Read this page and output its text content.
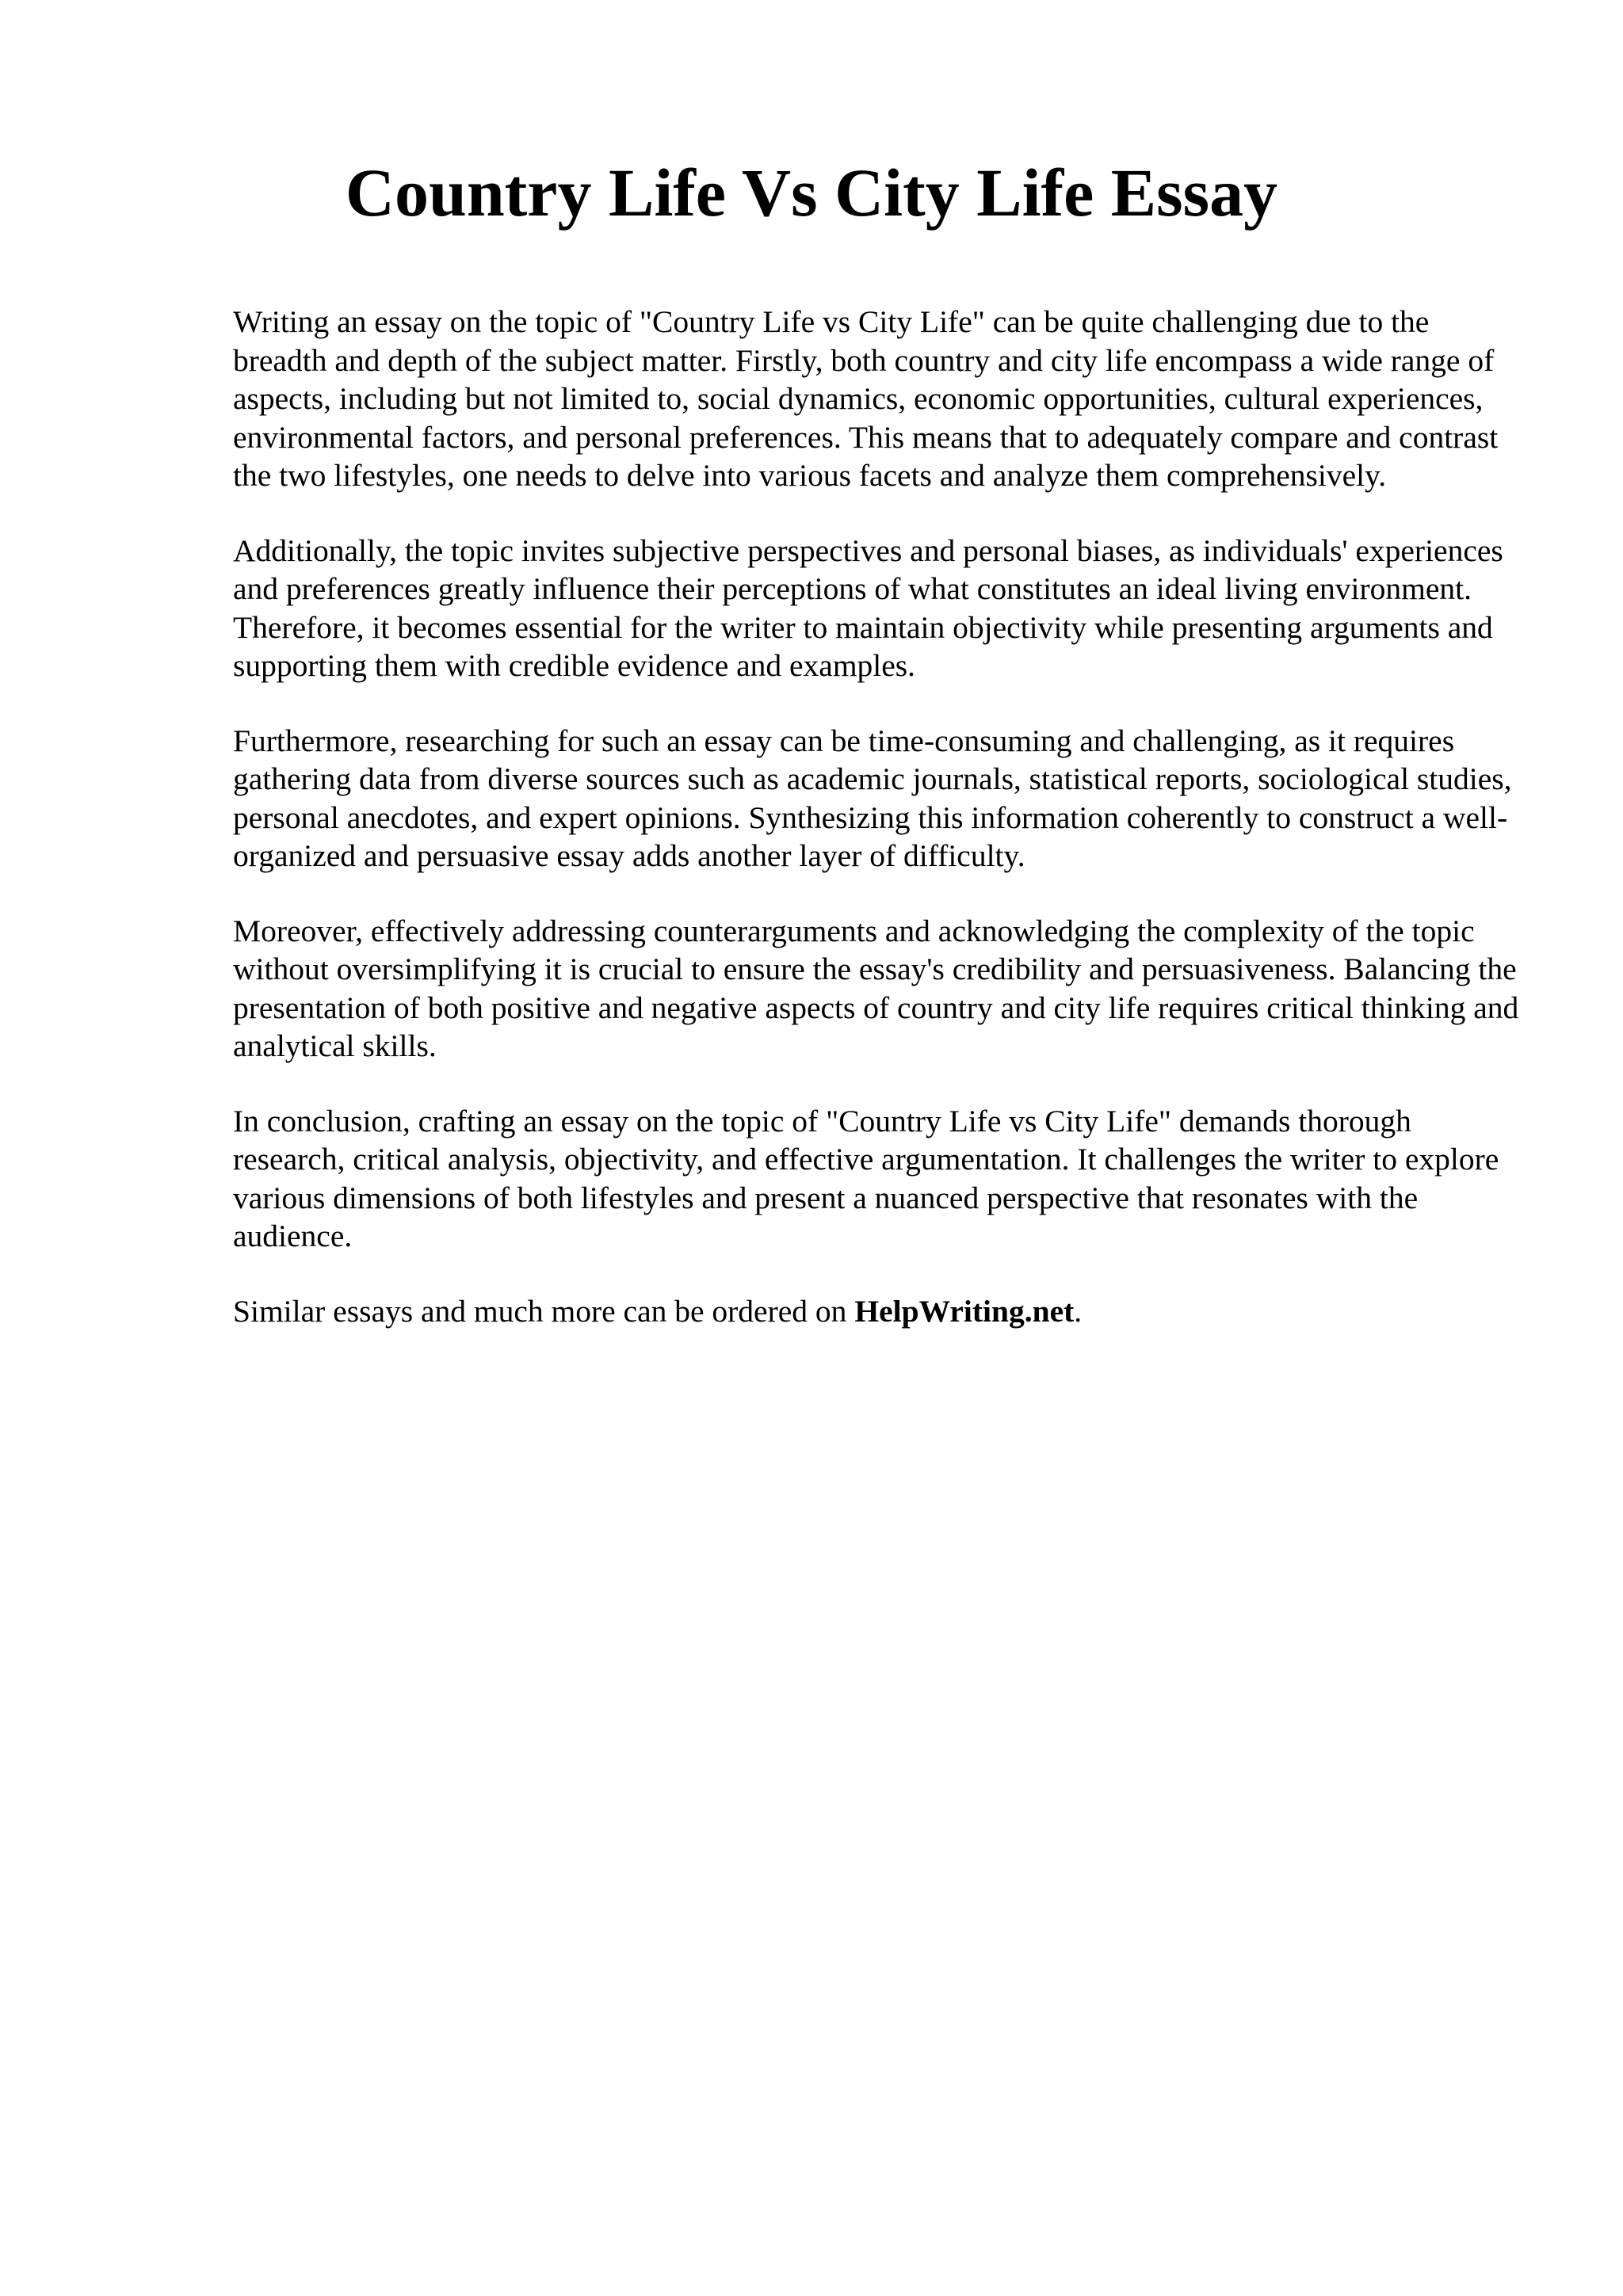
Country Life Vs City Life Essay

Writing an essay on the topic of "Country Life vs City Life" can be quite challenging due to the breadth and depth of the subject matter. Firstly, both country and city life encompass a wide range of aspects, including but not limited to, social dynamics, economic opportunities, cultural experiences, environmental factors, and personal preferences. This means that to adequately compare and contrast the two lifestyles, one needs to delve into various facets and analyze them comprehensively.

Additionally, the topic invites subjective perspectives and personal biases, as individuals' experiences and preferences greatly influence their perceptions of what constitutes an ideal living environment. Therefore, it becomes essential for the writer to maintain objectivity while presenting arguments and supporting them with credible evidence and examples.

Furthermore, researching for such an essay can be time-consuming and challenging, as it requires gathering data from diverse sources such as academic journals, statistical reports, sociological studies, personal anecdotes, and expert opinions. Synthesizing this information coherently to construct a well-organized and persuasive essay adds another layer of difficulty.

Moreover, effectively addressing counterarguments and acknowledging the complexity of the topic without oversimplifying it is crucial to ensure the essay's credibility and persuasiveness. Balancing the presentation of both positive and negative aspects of country and city life requires critical thinking and analytical skills.

In conclusion, crafting an essay on the topic of "Country Life vs City Life" demands thorough research, critical analysis, objectivity, and effective argumentation. It challenges the writer to explore various dimensions of both lifestyles and present a nuanced perspective that resonates with the audience.

Similar essays and much more can be ordered on HelpWriting.net.
